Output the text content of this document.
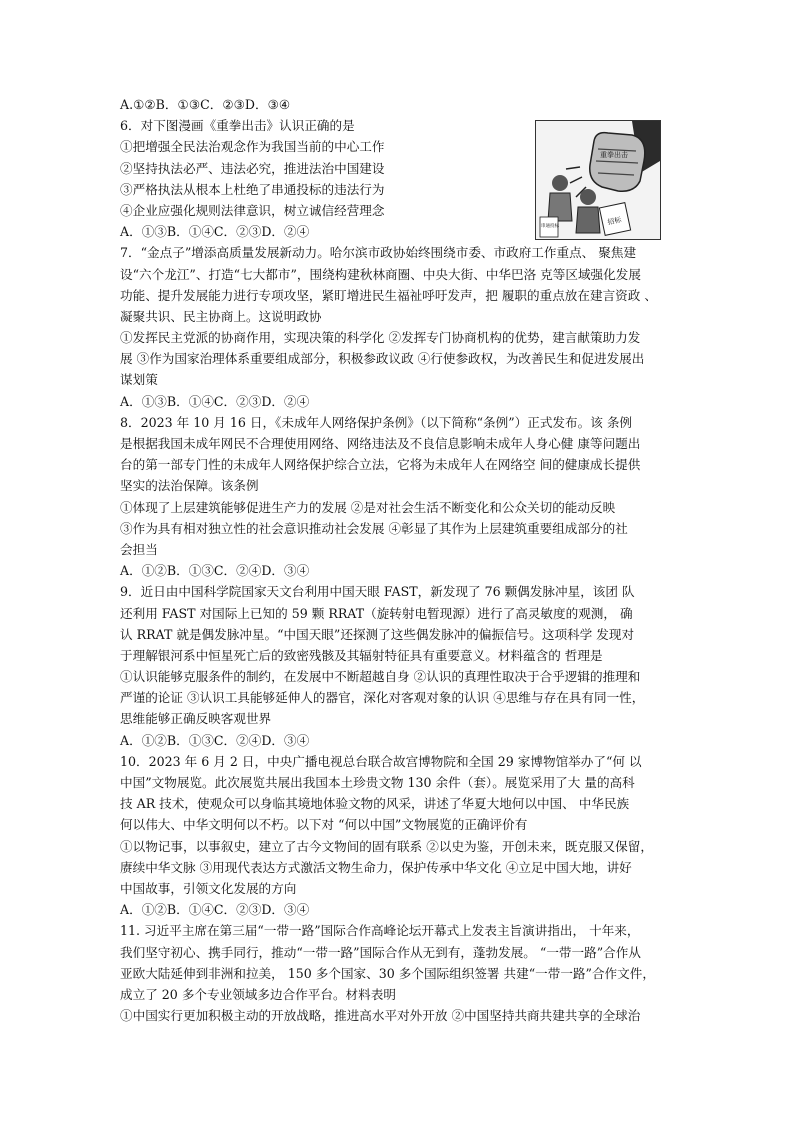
A.①②B．①③C．②③D．③④
6．对下图漫画《重拳出击》认识正确的是
①把增强全民法治观念作为我国当前的中心工作
②坚持执法必严、违法必究，推进法治中国建设
③严格执法从根本上杜绝了串通投标的违法行为
④企业应强化规则法律意识，树立诚信经营理念
A．①③B．①④C．②③D．②④
7．“金点子”增添高质量发展新动力。哈尔滨市政协始终围绕市委、市政府工作重点、 聚焦建
设“六个龙江”、打造“七大都市”，围绕构建秋林商圈、中央大街、中华巴洛 克等区域强化发展
功能、提升发展能力进行专项攻坚，紧盯增进民生福祉呼吁发声，把 履职的重点放在建言资政 、
凝聚共识、民主协商上。这说明政协
①发挥民主党派的协商作用，实现决策的科学化 ②发挥专门协商机构的优势，建言献策助力发
展 ③作为国家治理体系重要组成部分，积极参政议政 ④行使参政权，为改善民生和促进发展出
谋划策
A．①③B．①④C．②③D．②④
8．2023 年 10 月 16 日，《未成年人网络保护条例》（以下简称“条例”）正式发布。该 条例
是根据我国未成年网民不合理使用网络、网络违法及不良信息影响未成年人身心健 康等问题出
台的第一部专门性的未成年人网络保护综合立法，它将为未成年人在网络空 间的健康成长提供
坚实的法治保障。该条例
①体现了上层建筑能够促进生产力的发展 ②是对社会生活不断变化和公众关切的能动反映
③作为具有相对独立性的社会意识推动社会发展 ④彰显了其作为上层建筑重要组成部分的社
会担当
A．①②B．①③C．②④D．③④
9．近日由中国科学院国家天文台利用中国天眼 FAST，新发现了 76 颗偶发脉冲星，该团 队
还利用 FAST 对国际上已知的 59 颗 RRAT（旋转射电暂现源）进行了高灵敏度的观测， 确
认 RRAT 就是偶发脉冲星。“中国天眼”还探测了这些偶发脉冲的偏振信号。这项科学 发现对
于理解银河系中恒星死亡后的致密残骸及其辐射特征具有重要意义。材料蕴含的 哲理是
①认识能够克服条件的制约，在发展中不断超越自身 ②认识的真理性取决于合乎逻辑的推理和
严谨的论证 ③认识工具能够延伸人的器官，深化对客观对象的认识 ④思维与存在具有同一性，
思维能够正确反映客观世界
A．①②B．①③C．②④D．③④
10．2023 年 6 月 2 日，中央广播电视总台联合故宫博物院和全国 29 家博物馆举办了“何 以
中国”文物展览。此次展览共展出我国本土珍贵文物 130 余件（套）。展览采用了大 量的高科
技 AR 技术，使观众可以身临其境地体验文物的风采，讲述了华夏大地何以中国、 中华民族
何以伟大、中华文明何以不朽。以下对 “何以中国”文物展览的正确评价有
①以物记事，以事叙史，建立了古今文物间的固有联系 ②以史为鉴，开创未来，既克服又保留，
赓续中华文脉 ③用现代表达方式激活文物生命力，保护传承中华文化 ④立足中国大地，讲好
中国故事，引领文化发展的方向
A．①②B．①④C．②③D．③④
11. 习近平主席在第三届“一带一路”国际合作高峰论坛开幕式上发表主旨演讲指出， 十年来，
我们坚守初心、携手同行，推动“一带一路”国际合作从无到有，蓬勃发展。 “一带一路”合作从
亚欧大陆延伸到非洲和拉美， 150 多个国家、30 多个国际组织签署 共建“一带一路”合作文件，
成立了 20 多个专业领域多边合作平台。材料表明
①中国实行更加积极主动的开放战略，推进高水平对外开放 ②中国坚持共商共建共享的全球治
招标
重拳出击
串通投标
